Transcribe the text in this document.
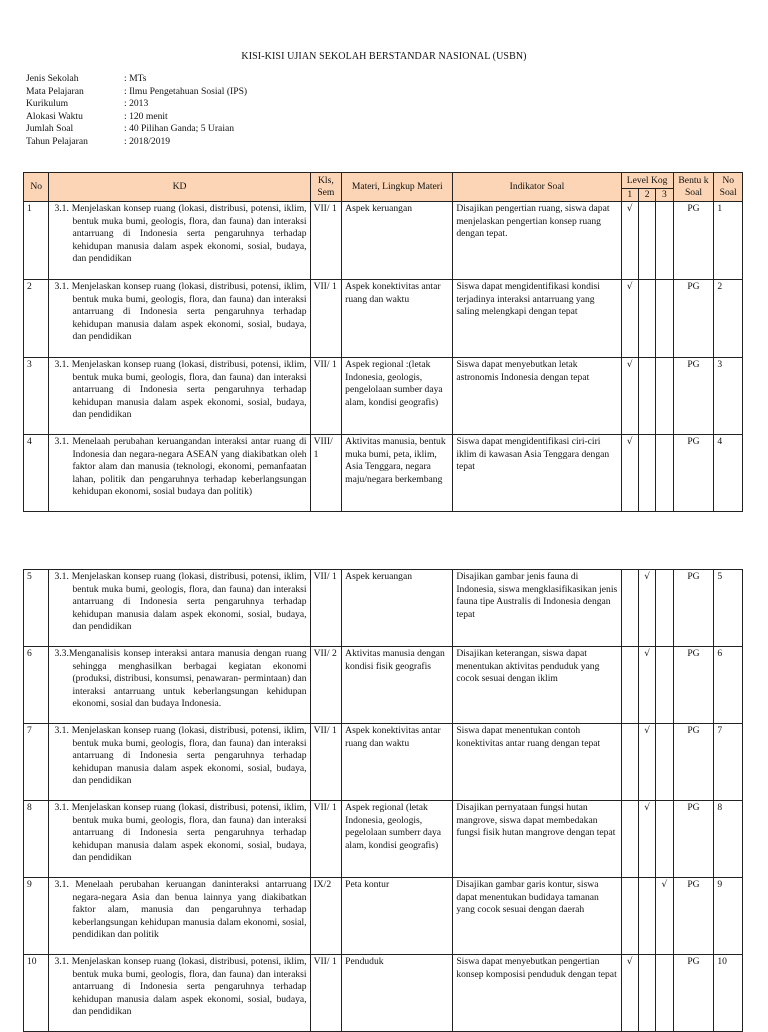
KISI-KISI UJIAN SEKOLAH BERSTANDAR NASIONAL (USBN)
Jenis Sekolah	: MTs
Mata Pelajaran	: Ilmu Pengetahuan Sosial (IPS)
Kurikulum	: 2013
Alokasi Waktu	: 120 menit
Jumlah Soal	: 40 Pilihan Ganda; 5 Uraian
Tahun Pelajaran	: 2018/2019
No	KD	Kls, Sem	Materi, Lingkup Materi	Indikator Soal	Level Kog			Bentu k Soal	No Soal
					1	2	3		
1	3.1. Menjelaskan konsep ruang (lokasi, distribusi, potensi, iklim, bentuk muka bumi, geologis, flora, dan fauna) dan interaksi antarruang di Indonesia serta pengaruhnya terhadap kehidupan manusia dalam aspek ekonomi, sosial, budaya, dan pendidikan	VII/ 1	Aspek keruangan	Disajikan pengertian ruang, siswa dapat menjelaskan pengertian konsep ruang dengan tepat.	√			PG	1
2	3.1. Menjelaskan konsep ruang (lokasi, distribusi, potensi, iklim, bentuk muka bumi, geologis, flora, dan fauna) dan interaksi antarruang di Indonesia serta pengaruhnya terhadap kehidupan manusia dalam aspek ekonomi, sosial, budaya, dan pendidikan	VII/ 1	Aspek konektivitas antar ruang dan waktu	Siswa dapat mengidentifikasi kondisi terjadinya interaksi antarruang yang saling melengkapi dengan tepat	√			PG	2
3	3.1. Menjelaskan konsep ruang (lokasi, distribusi, potensi, iklim, bentuk muka bumi, geologis, flora, dan fauna) dan interaksi antarruang di Indonesia serta pengaruhnya terhadap kehidupan manusia dalam aspek ekonomi, sosial, budaya, dan pendidikan	VII/ 1	Aspek regional :(letak Indonesia, geologis, pengelolaan sumber daya alam, kondisi geografis)	Siswa dapat menyebutkan letak astronomis Indonesia dengan tepat	√			PG	3
4	3.1. Menelaah perubahan keruangandan interaksi antar ruang di Indonesia dan negara-negara ASEAN yang diakibatkan oleh faktor alam dan manusia (teknologi, ekonomi, pemanfaatan lahan, politik dan pengaruhnya terhadap keberlangsungan kehidupan ekonomi, sosial budaya dan politik)	VIII/ 1	Aktivitas manusia, bentuk muka bumi, peta, iklim, Asia Tenggara, negara maju/negara berkembang	Siswa dapat mengidentifikasi ciri-ciri iklim di kawasan Asia Tenggara dengan tepat	√			PG	4
5	3.1. Menjelaskan konsep ruang (lokasi, distribusi, potensi, iklim, bentuk muka bumi, geologis, flora, dan fauna) dan interaksi antarruang di Indonesia serta pengaruhnya terhadap kehidupan manusia dalam aspek ekonomi, sosial, budaya, dan pendidikan	VII/ 1	Aspek keruangan	Disajikan gambar jenis fauna di Indonesia, siswa mengklasifikasikan jenis fauna tipe Australis di Indonesia dengan tepat		√		PG	5
6	3.3.Menganalisis konsep interaksi antara manusia dengan ruang sehingga menghasilkan berbagai kegiatan ekonomi (produksi, distribusi, konsumsi, penawaran- permintaan) dan interaksi antarruang untuk keberlangsungan kehidupan ekonomi, sosial dan budaya Indonesia.	VII/ 2	Aktivitas manusia dengan kondisi fisik geografis	Disajikan keterangan, siswa dapat menentukan aktivitas penduduk yang cocok sesuai dengan iklim		√		PG	6
7	3.1. Menjelaskan konsep ruang (lokasi, distribusi, potensi, iklim, bentuk muka bumi, geologis, flora, dan fauna) dan interaksi antarruang di Indonesia serta pengaruhnya terhadap kehidupan manusia dalam aspek ekonomi, sosial, budaya, dan pendidikan	VII/ 1	Aspek konektivitas antar ruang dan waktu	Siswa dapat menentukan contoh konektivitas antar ruang dengan tepat		√		PG	7
8	3.1. Menjelaskan konsep ruang (lokasi, distribusi, potensi, iklim, bentuk muka bumi, geologis, flora, dan fauna) dan interaksi antarruang di Indonesia serta pengaruhnya terhadap kehidupan manusia dalam aspek ekonomi, sosial, budaya, dan pendidikan	VII/ 1	Aspek regional (letak Indonesia, geologis, pegelolaan sumberr daya alam, kondisi geografis)	Disajikan pernyataan fungsi hutan mangrove, siswa dapat membedakan fungsi fisik hutan mangrove dengan tepat		√		PG	8
9	3.1. Menelaah perubahan keruangan daninteraksi antarruang negara-negara Asia dan benua lainnya yang diakibatkan faktor alam, manusia dan pengaruhnya terhadap keberlangsungan kehidupan manusia dalam ekonomi, sosial, pendidikan dan politik	IX/2	Peta kontur	Disajikan gambar garis kontur, siswa dapat menentukan budidaya tamanan yang cocok sesuai dengan daerah			√	PG	9
10	3.1. Menjelaskan konsep ruang (lokasi, distribusi, potensi, iklim, bentuk muka bumi, geologis, flora, dan fauna) dan interaksi antarruang di Indonesia serta pengaruhnya terhadap kehidupan manusia dalam aspek ekonomi, sosial, budaya, dan pendidikan	VII/ 1	Penduduk	Siswa dapat menyebutkan pengertian konsep komposisi penduduk dengan tepat	√			PG	10
